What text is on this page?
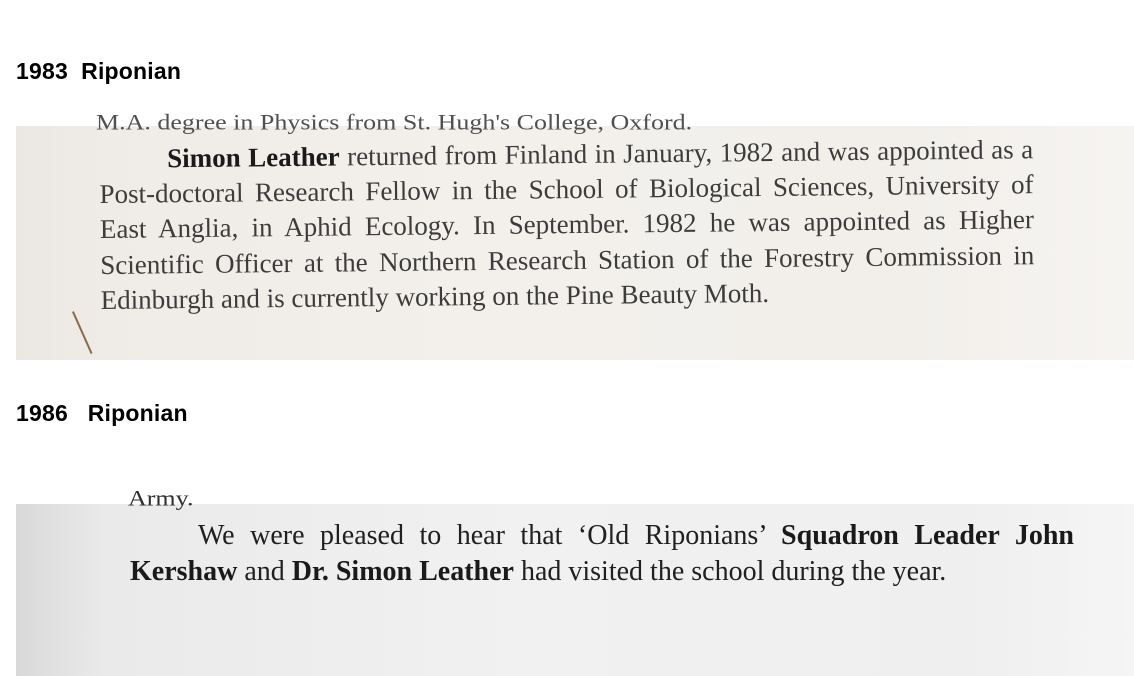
1983  Riponian
M.A. degree in Physics from St. Hugh's College, Oxford.

Simon Leather returned from Finland in January, 1982 and was appointed as a Post-doctoral Research Fellow in the School of Biological Sciences, University of East Anglia, in Aphid Ecology. In September. 1982 he was appointed as Higher Scientific Officer at the Northern Research Station of the Forestry Commission in Edinburgh and is currently working on the Pine Beauty Moth.

1986   Riponian
Army.

We were pleased to hear that ‘Old Riponians’ Squadron Leader John Kershaw and Dr. Simon Leather had visited the school during the year.
